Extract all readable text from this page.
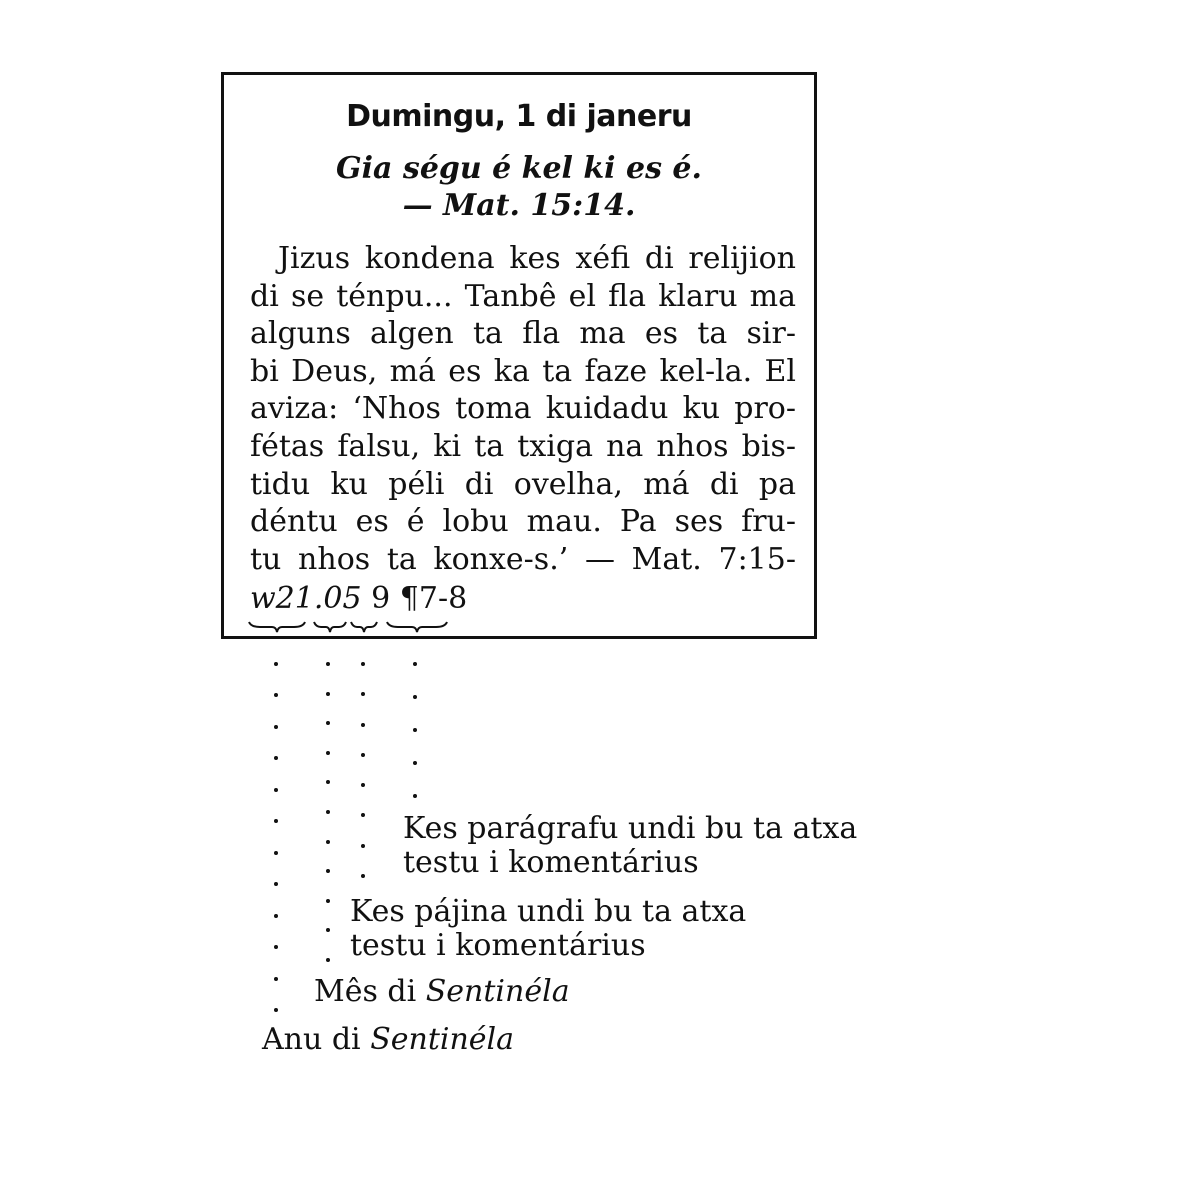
Dumingu, 1 di janeru
Gia ségu é kel ki es é.
— Mat. 15:14.
Jizus kondena kes xéfi di relijion
di se ténpu... Tanbê el fla klaru ma
alguns algen ta fla ma es ta sir-
bi Deus, má es ka ta faze kel-la. El
aviza: ‘Nhos toma kuidadu ku pro-
fétas falsu, ki ta txiga na nhos bis-
tidu ku péli di ovelha, má di pa
déntu es é lobu mau. Pa ses fru-
tu nhos ta konxe-s.’ — Mat. 7:15-
w21.05 9 ¶7-8
Kes parágrafu undi bu ta atxa
testu i komentárius
Kes pájina undi bu ta atxa
testu i komentárius
Mês di Sentinéla
Anu di Sentinéla
